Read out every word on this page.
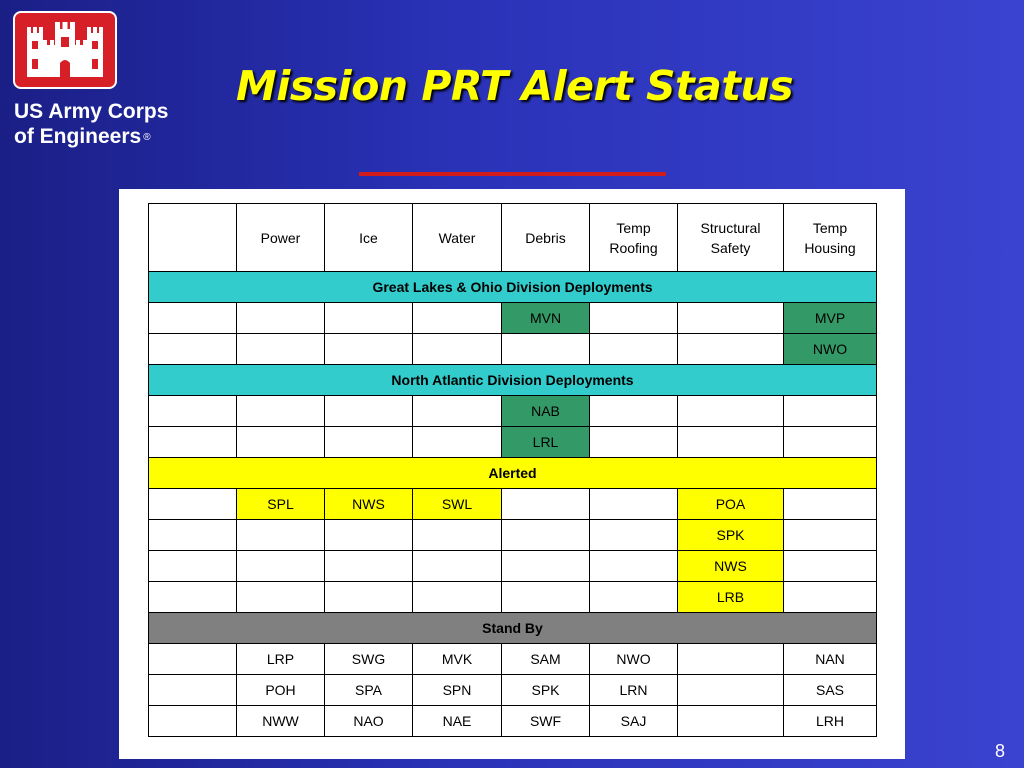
US Army Corps
of Engineers ®
Mission PRT Alert Status
	Power	Ice	Water	Debris	Temp
Roofing	Structural
Safety	Temp
Housing
Great Lakes & Ohio Division Deployments							
				MVN			MVP
							NWO
North Atlantic Division Deployments							
				NAB			
				LRL			
Alerted							
	SPL	NWS	SWL			POA	
						SPK	
						NWS	
						LRB	
Stand By							
	LRP	SWG	MVK	SAM	NWO		NAN
	POH	SPA	SPN	SPK	LRN		SAS
	NWW	NAO	NAE	SWF	SAJ		LRH
8
